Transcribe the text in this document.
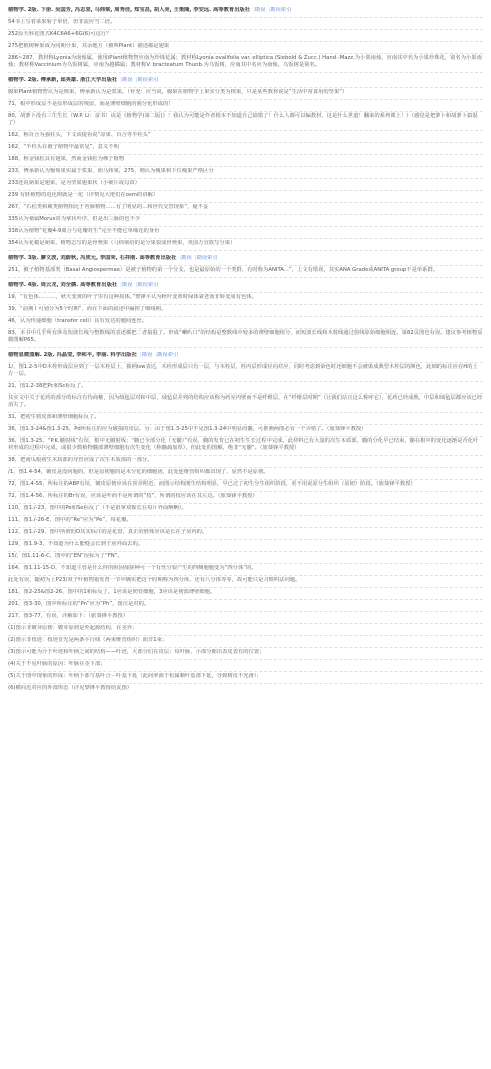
植物学. 2版. 下册. 吴国芳, 冯志坚, 马炜梁, 周秀佳, 郑宝昌, 胡人亮, 王策隆, 李安远. 高等教育出版社 |勘误 |勘误索引
54书上写着菜果菊子单倍，但非流应当二倍。
252原天科花图式K4C6A6+6G(6)可这行？
275把植树种果成为同期分果，其余地方（被叫Plant）描述都是翅果
286~287，教材称Lyonia为南烛属，使用iPlant植物智应南为珍珠花属；教材称Lyonia ovalifolia var. elliptica (Siebold & Zucc.) Hand.-Mazz.为小果南烛，应南其中名为小果珍珠花，别名为小果南烛；教材称Vaccinium为乌饭树属，应南为越橘属；教材称V. bracteatum Thunb.为乌饭树，应南其中名应为南烛，乌饭树是别名。
植物学. 2版. 傅承新, 邱英雄. 浙江大学出版社 |勘误 |勘误索引
腺果Plant植物智认为是核果，傅承新认为是浆果。（补充：应当说，腺果在植物学上果实分类为核果，只是某些教材说是“生活中常食用的坚果”）
71，根中形成层不是原形成层的残留，而是薄壁细胞的脱分化形成的！
80，胡萝卜没有三生生长（W.P. Li：奋书！该是《植物学(第二版)》！我认为可能是作者根本不知道自己搞错了！什么人都可以编教材，这是什么世道！翻来的系列课上！）（感觉是把萝卜和胡萝卜搞混了）
162，称百合为强柱头，下文该提看说“凉果、百合等半柱头”
162，“半柱头在被子植物中最常见”，意义不明
188，称金钱松具有翅果，然而金钱松为裸子植物
233，傅承新认为葡萄果实属于浆果，而马炜梁，275，则认为瘦果和下位瘦果严格区分
233还说蒴果是翅果，是为坚果翅果状（小檗片或勾苗）
239 有胚植物的进化树就是一坨（详情见大佬们在osm的讲解）
267，“石松类和蕨类植物相比于苔藓植物......有了明显的...和世代交替现象”，疑不妥
335认为桑属Morus常为掌状叶序，但是出三脉的也不少
338认为植物“花瓣4-9离合与花瓣对生”完全不能它单缘花的身份
354认为花椒是蒴果，植物志写的是骨葖果（马炜梁给的是分果裂成骨葖果，英国万宜族写分果）
植物学. 3版. 廖文波, 刘蔚秋, 冯虎元, 李国荣, 石祥刚. 高等教育出版社 |勘误 |勘误索引
251，被子植物基部类（Basal Angiospermae）是被子植物的第一个分支，也是最原始的一个类群，有时称为ANITA...”，上文有错误，其实ANA Grade或ANITA group不是单系群。
植物学. 4版. 周云龙, 刘全儒. 高等教育出版社 |勘误 |勘误索引
19，“有色体..........，秋天变黄的叶子里有这种质体。”黎锋平认为秋叶变黄时绿体衰老而非转变成有色体。
39，“前期 I 可划分为5个时期”，而在下面的叙述中漏掉了细线期。
46，认为传递细胞（transfer cell）具有发达的胞间连丝。
83，本书中几乎所有涉及短波长线与整数线的表述都把二者搞混了。形成“喇叭口”的结构是整数线中较多的薄壁细胞组分，而短波长线和木射线通过射线原始细胞相连。第82页图也有误。建议参考植物显微图解P65。
植物显微图解. 2版. 冯晶莹, 李和平, 李丽. 科学出版社 |勘误 |勘误索引
1/，图1.2-5中D木栓形成层应到了一层木栓层上，拨柄lsw表达，木栓形成层只有一层，与木栓层，栓内层形成径向对应，同时考虑到染色时还细胞不会被染成典型木栓层的颜色，此细的标注应在H的上方一层。
21，图1.2-38把Pc和Sc标反了。
其实文中关于花药的部分的标注有待商榷，因为绒毡层对和中层，绒毡层并列的结构应该称为药室内壁而不是纤维层，在“纤维层时期”（让我们站且这么称呼它），花药已经成熟，中层和绒毡层都应该已经消失了。
31，把初生韧皮部和薄壁细胞标反了。
36，图1.3-24&图1.3-25，Pd所标注的应为破损的皮层。另：由于图1.3-25中不见图1.3-24中明显的髓，可推测两图必有一个弄错了。（旅葵锋平教授）
36，图1.3-25，“P.K.髓射线”有误，根中无髓射线；“髓已全部分化（无髓）”有误，髓的发育已在初生生长过程中完成，此材料已有大量的次生木质部，髓的分化早已结束，髓在根中的变化逐渐是否化叶材形成的过程中完成，或很少数植物髓部薄壁细胞有次生变化（称髓疏加厚），但此处的图解，绝非“无髓”。（旅葵锋平教授）
38，把南瓜根初生木质部的导管应成了次生木质部的一部分。
/1，图1.4-54，皴皮是没问题的，但是原韧胞的是未分化的细胞团，此处连维管组织都出现了，显然不是原韧。
72，图1.4-55，所标注的ABP有误，皴皮原韧应该在顶芽附近，而图示结构刚生结构明显，早已过了初生分生组织阶段，更不用说原分生组织（原韧）阶段。（旅葵锋平教授）
72，图1.4-56，所标注的Br有误，应该是叶而不是所谓的“枝”，所谓的枝应该在其左边。（旅葵锋平教授）
110，图1./-23，图中的Pe和Se标反了（不是很掌双握长在每片外面啊啊）。
111，图1./-26-E，图中的“Re”应为“Pe”，每花瓣。
112，图1./-29，图中所谓的O其实标注的是花盘，真正的胚珠应该是长在子房内的。
129，图1.9-3，不知道为什么能缝会长到子房外面去的。
15/，图1.11-6-C，图中的“EN”误标为了“FN”。
164，图1.11-15-D，不知道主管是什么样的阻固揉搓种可一个有丝分裂产生的四侧胞胞变为“四分体”的。
此处有误，随初为上P23/双子叶植物狍发育一节中确实把这个时期称为四分体，还有八分体等等，故可能只是习惯叫法问题。
181，图2-25&图2-26，图中的1和标反了，1应该是韧管细胞，3应该是韧部薄壁细胞。
201，图3-30，图中所标注的“Pn”应为“Ph”，图注是对的。
217，图3-77，有误，详解如下：（旅葵锋平教授）
(1)图示非皴芽原韧：皴芽原韧是外起源结构，在茎外；
(2)图示非枝迹：枝迹首先是两条平行线（两束维管组织）而非1束；
(3)图示可能为介于叶迹和叶柄之间的结构——叶迹，大部分们在皮层；每叶脉，小部分都出表皮表有的位置；
(4)关于不见叶脉的原因：叶脉在茎下部；
(5)关于图中现象的形成：叶柄下部与基叶合－叶基下延（此间率源于松属顺叶基部下延，导致树皮不光滑）；
(6)横向近对应的外部形态（详见黎锋平教授给友图）
